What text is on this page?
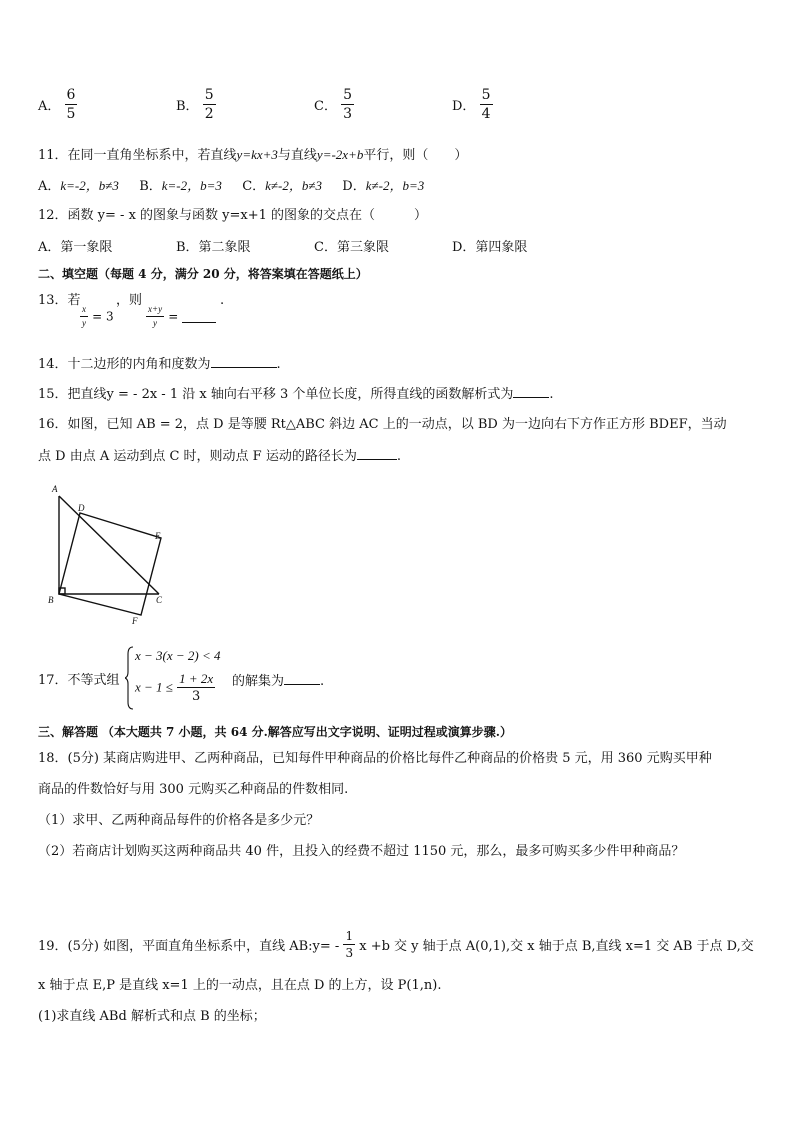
A． $\frac{6}{5}$	B． $\frac{5}{2}$	C． $\frac{5}{3}$	D． $\frac{5}{4}$
11．在同一直角坐标系中，若直线y=kx+3与直线y=-2x+b平行，则（　　）
A．k=-2，b≠3 B．k=-2，b=3 C．k≠-2，b≠3 D．k≠-2，b=3
12．函数 y= - x 的图象与函数 y=x+1 的图象的交点在（　　　）
A．第一象限	B．第二象限	C．第三象限	D．第四象限
二、填空题（每题 4 分，满分 20 分，将答案填在答题纸上）
13．若
$\frac{x}{y} = 3$
，则
$\frac{x+y}{y}$ =
.
14．十二边形的内角和度数为	.
15．把直线y = - 2x - 1 沿 x 轴向右平移 3 个单位长度，所得直线的函数解析式为	.
16．如图，已知 AB = 2，点 D 是等腰 Rt△ABC 斜边 AC 上的一动点，以 BD 为一边向右下方作正方形 BDEF，当动
点 D 由点 A 运动到点 C 时，则动点 F 运动的路径长为	.
A
B	C
D
E
F
17．不等式组
x − 3(x − 2) < 4
$x - 1 \le \frac{1 + 2x}{3}$ 的解集为	.
三、解答题 （本大题共 7 小题，共 64 分.解答应写出文字说明、证明过程或演算步骤.）
18．(5分) 某商店购进甲、乙两种商品，已知每件甲种商品的价格比每件乙种商品的价格贵 5 元，用 360 元购买甲种
商品的件数恰好与用 300 元购买乙种商品的件数相同.
（1）求甲、乙两种商品每件的价格各是多少元？
（2）若商店计划购买这两种商品共 40 件，且投入的经费不超过 1150 元，那么，最多可购买多少件甲种商品？
19．(5分) 如图，平面直角坐标系中，直线 AB:y= - $\frac{1}{3}$ x +b 交 y 轴于点 A(0,1),交 x 轴于点 B,直线 x=1 交 AB 于点 D,交
x 轴于点 E,P 是直线 x=1 上的一动点，且在点 D 的上方，设 P(1,n).
(1)求直线 ABd 解析式和点 B 的坐标；
